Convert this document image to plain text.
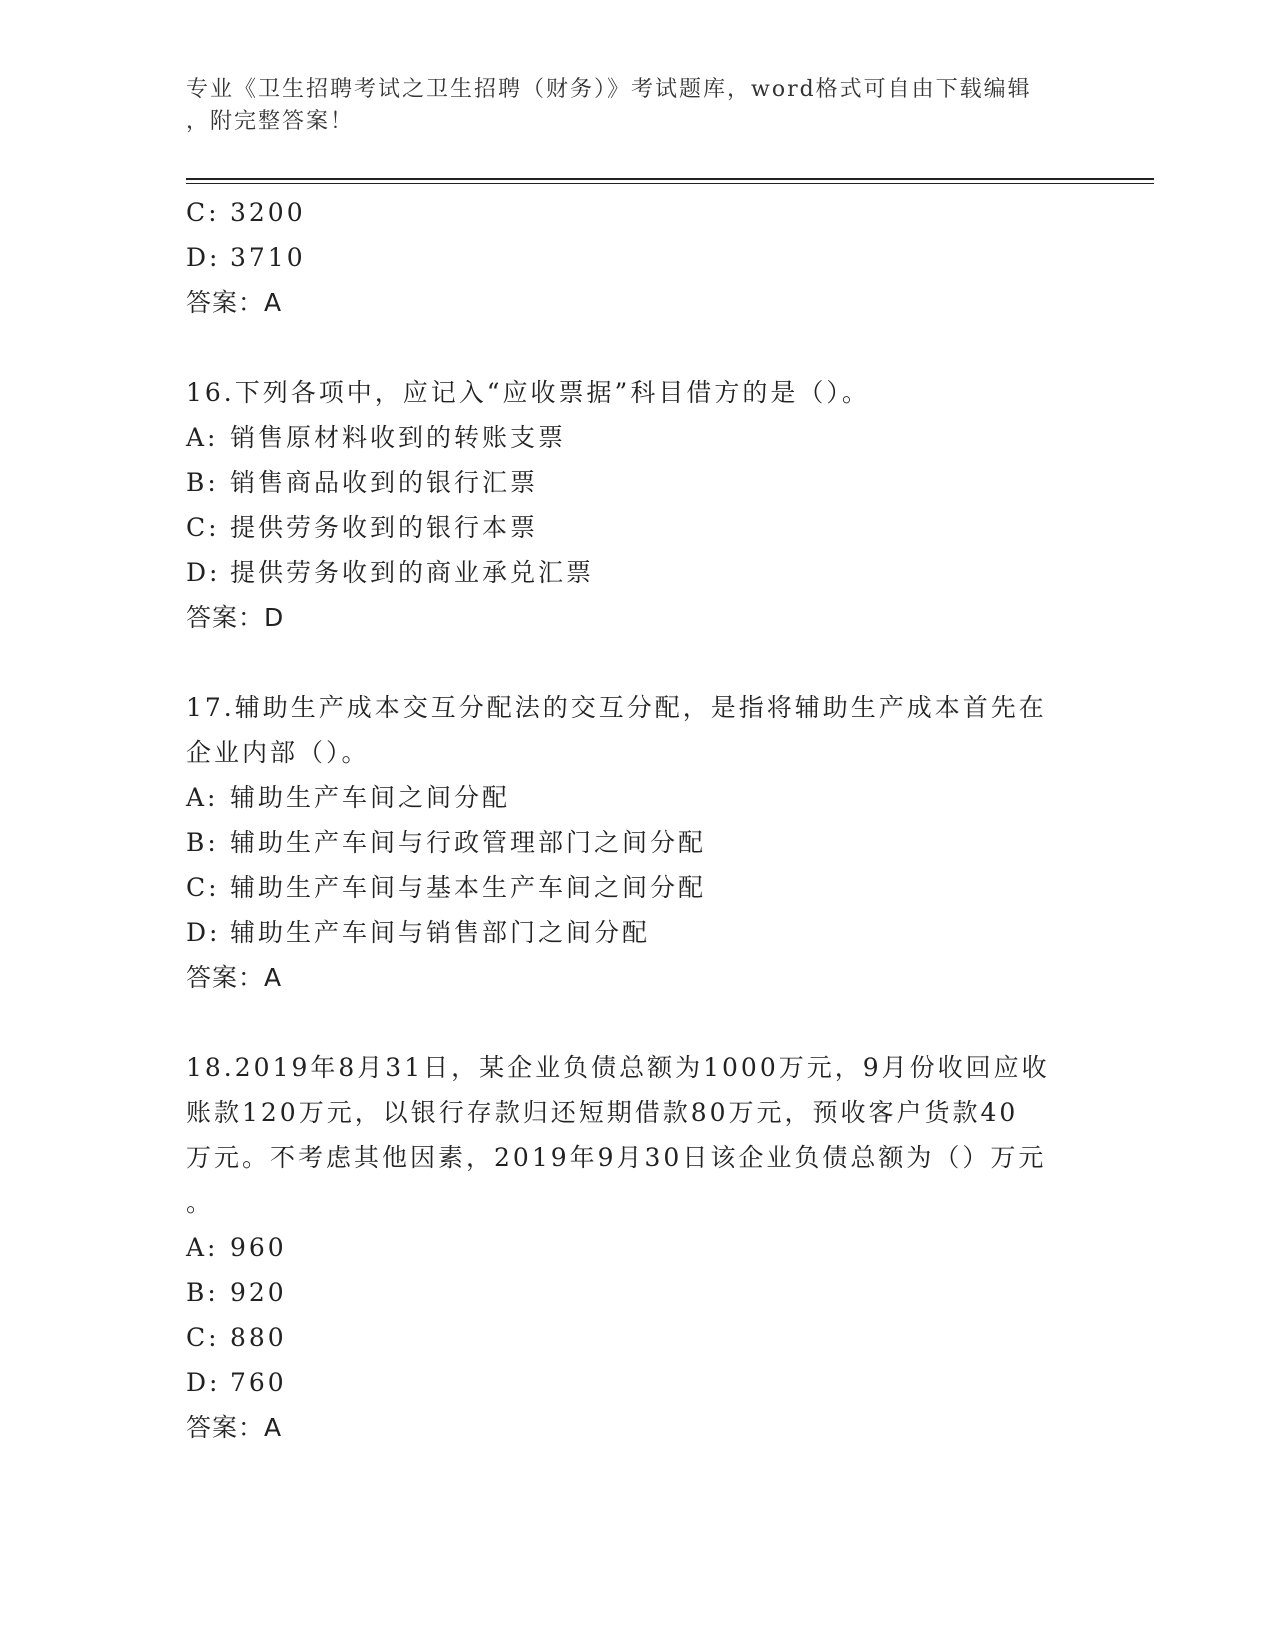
专业《卫生招聘考试之卫生招聘（财务）》考试题库，word格式可自由下载编辑
，附完整答案！
C: 3200
D: 3710
答案：A
16.下列各项中，应记入“应收票据”科目借方的是（）。
A: 销售原材料收到的转账支票
B: 销售商品收到的银行汇票
C: 提供劳务收到的银行本票
D: 提供劳务收到的商业承兑汇票
答案：D
17.辅助生产成本交互分配法的交互分配，是指将辅助生产成本首先在
企业内部（）。
A: 辅助生产车间之间分配
B: 辅助生产车间与行政管理部门之间分配
C: 辅助生产车间与基本生产车间之间分配
D: 辅助生产车间与销售部门之间分配
答案：A
18.2019年8月31日，某企业负债总额为1000万元，9月份收回应收
账款120万元，以银行存款归还短期借款80万元，预收客户货款40
万元。不考虑其他因素，2019年9月30日该企业负债总额为（）万元
。
A: 960
B: 920
C: 880
D: 760
答案：A
